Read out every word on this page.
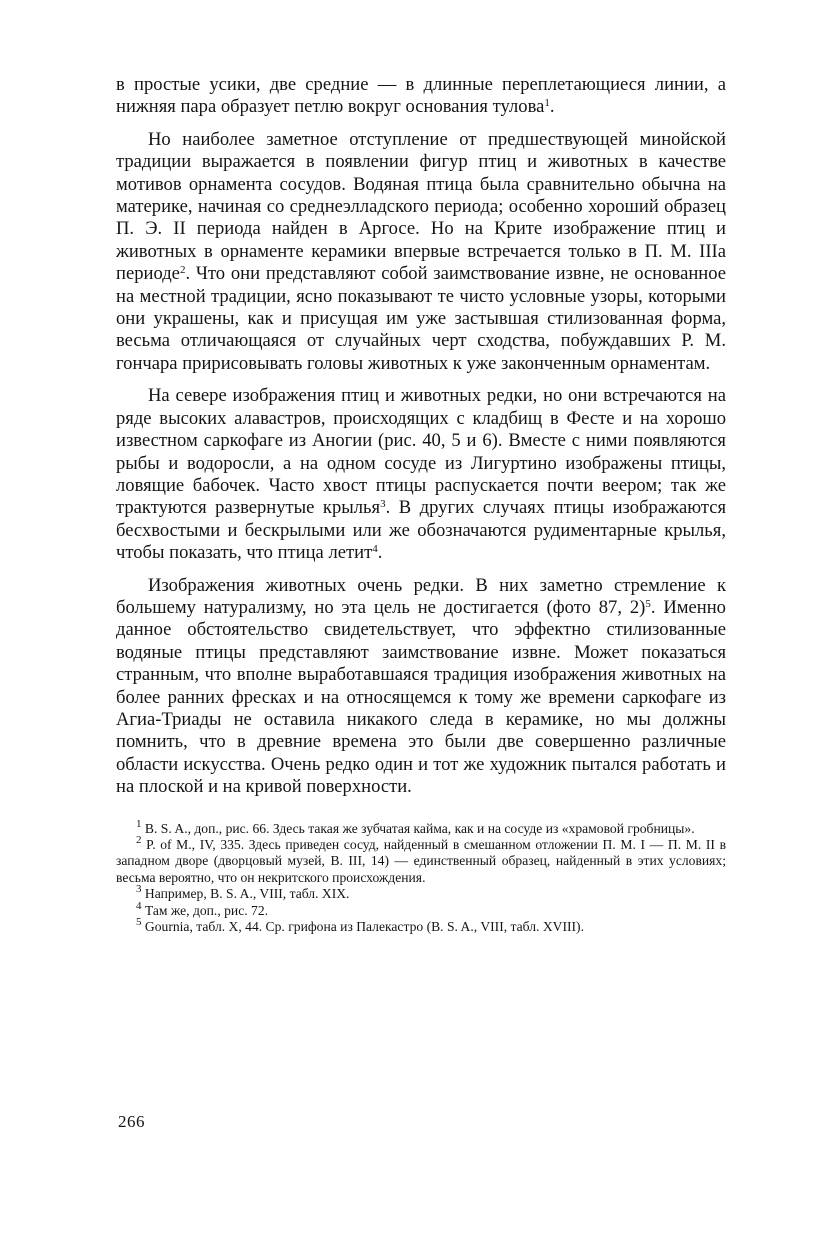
в простые усики, две средние — в длинные переплетающиеся линии, а нижняя пара образует петлю вокруг основания тулова$^1$.

Но наиболее заметное отступление от предшествующей минойской традиции выражается в появлении фигур птиц и животных в качестве мотивов орнамента сосудов. Водяная птица была сравнительно обычна на материке, начиная со среднеэлладского периода; особенно хороший образец П. Э. II периода найден в Аргосе. Но на Крите изображение птиц и животных в орнаменте керамики впервые встречается только в П. М. IIIа периоде$^2$. Что они представляют собой заимствование извне, не основанное на местной традиции, ясно показывают те чисто условные узоры, которыми они украшены, как и присущая им уже застывшая стилизованная форма, весьма отличающаяся от случайных черт сходства, побуждавших Р. М. гончара пририсовывать головы животных к уже законченным орнаментам.

На севере изображения птиц и животных редки, но они встречаются на ряде высоких алавастров, происходящих с кладбищ в Фесте и на хорошо известном саркофаге из Аногии (рис. 40, 5 и 6). Вместе с ними появляются рыбы и водоросли, а на одном сосуде из Лигуртино изображены птицы, ловящие бабочек. Часто хвост птицы распускается почти веером; так же трактуются развернутые крылья$^3$. В других случаях птицы изображаются бесхвостыми и бескрылыми или же обозначаются рудиментарные крылья, чтобы показать, что птица летит$^4$.

Изображения животных очень редки. В них заметно стремление к большему натурализму, но эта цель не достигается (фото 87, 2)$^5$. Именно данное обстоятельство свидетельствует, что эффектно стилизованные водяные птицы представляют заимствование извне. Может показаться странным, что вполне выработавшаяся традиция изображения животных на более ранних фресках и на относящемся к тому же времени саркофаге из Агиа-Триады не оставила никакого следа в керамике, но мы должны помнить, что в древние времена это были две совершенно различные области искусства. Очень редко один и тот же художник пытался работать и на плоской и на кривой поверхности.

$^1$ B. S. A., доп., рис. 66. Здесь такая же зубчатая кайма, как и на сосуде из «храмовой гробницы».

$^2$ P. of M., IV, 335. Здесь приведен сосуд, найденный в смешанном отложении П. М. I — П. М. II в западном дворе (дворцовый музей, B. III, 14) — единственный образец, найденный в этих условиях; весьма вероятно, что он некритского происхождения.

$^3$ Например, B. S. A., VIII, табл. XIX.

$^4$ Там же, доп., рис. 72.

$^5$ Gournia, табл. X, 44. Ср. грифона из Палекастро (B. S. A., VIII, табл. XVIII).

266
